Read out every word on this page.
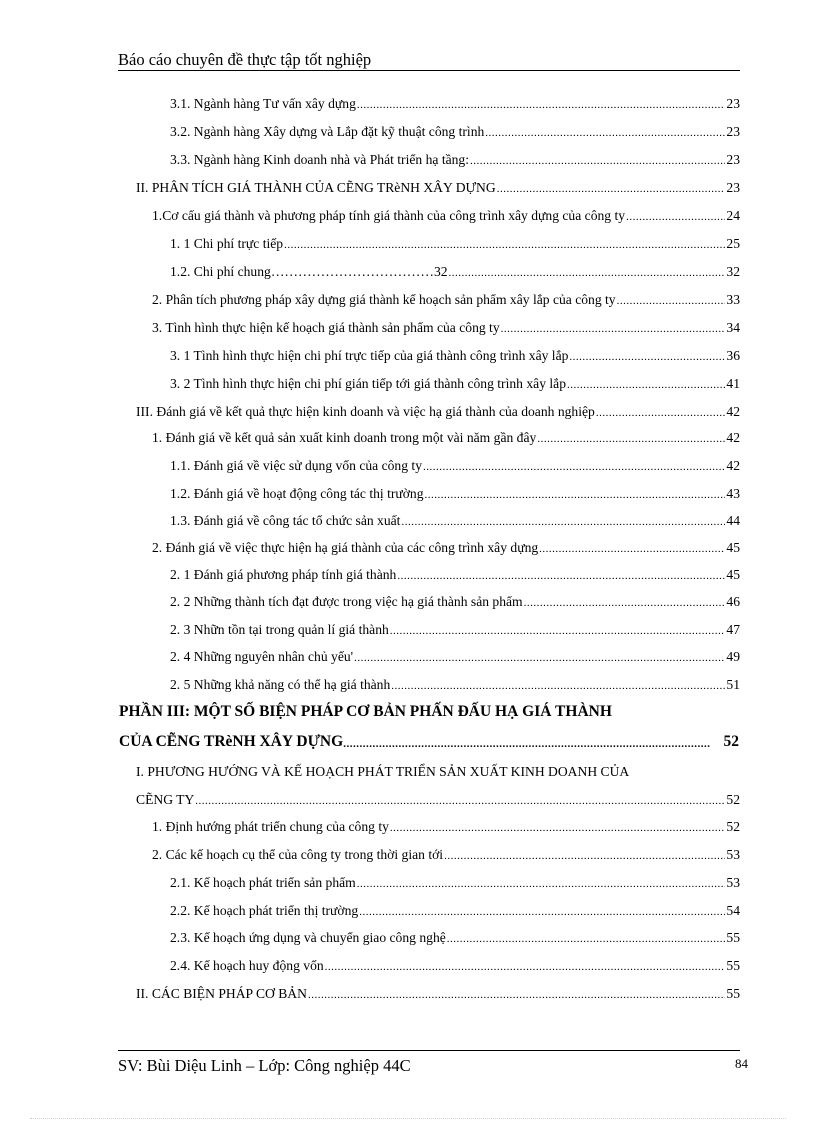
Báo cáo chuyên đề thực tập tốt nghiệp
3.1. Ngành hàng Tư vấn xây dựng .....	23
3.2. Ngành hàng Xây dựng và Lắp đặt kỹ thuật công trình .....	23
3.3. Ngành hàng Kinh doanh nhà và Phát triển hạ tầng: .....	23
II. PHÂN TÍCH GIÁ THÀNH CỦA CẼNG TRèNH XÂY DỰNG .....	23
1.Cơ cấu giá thành và phương pháp tính giá thành của công trình xây dựng của công ty .....	24
1. 1 Chi phí trực tiếp .....	25
1.2. Chi phí chung………………………………32 .....	32
2. Phân tích phương pháp xây dựng giá thành kế hoạch sản phẩm xây lắp của công ty .....	33
3. Tình hình thực hiện kế hoạch giá thành sản phẩm của công ty .....	34
3. 1 Tình hình thực hiện chi phí trực tiếp của giá thành công trình xây lắp .....	36
3. 2 Tình hình thực hiện chi phí gián tiếp tới giá thành công trình xây lắp .....	41
III. Đánh giá về kết quả thực hiện kinh doanh và việc hạ giá thành của doanh nghiệp .....	42
1. Đánh giá về kết quả sản xuất kinh doanh trong một vài năm gần đây .....	42
1.1. Đánh giá về việc sử dụng vốn của công ty .....	42
1.2. Đánh giá về hoạt động công tác thị trường .....	43
1.3. Đánh giá về công tác tổ chức sản xuất .....	44
2. Đánh giá về việc thực hiện hạ giá thành của các công trình xây dựng .....	45
2. 1 Đánh giá phương pháp tính giá thành .....	45
2. 2 Những thành tích đạt được trong việc hạ giá thành sản phẩm .....	46
2. 3 Nhữn tồn tại trong quản lí giá thành .....	47
2. 4 Những nguyên nhân chủ yếu' .....	49
2. 5 Những khả năng có thể hạ giá thành .....	51
PHẦN III: MỘT SỐ BIỆN PHÁP CƠ BẢN PHẤN ĐẤU HẠ GIÁ THÀNH
CỦA CẼNG TRèNH XÂY DỰNG .....	52
I. PHƯƠNG HƯỚNG VÀ KẾ HOẠCH PHÁT TRIỂN SẢN XUẤT KINH DOANH CỦA
CẼNG TY .....	52
1. Định hướng phát triển chung của công ty .....	52
2. Các kế hoạch cụ thể của công ty trong thời gian tới .....	53
2.1. Kế hoạch phát triển sản phẩm .....	53
2.2. Kế hoạch phát triển thị trường .....	54
2.3. Kế hoạch ứng dụng và chuyển giao công nghệ .....	55
2.4. Kế hoạch huy động vốn .....	55
II. CÁC BIỆN PHÁP CƠ BẢN .....	55
SV: Bùi Diệu Linh – Lớp: Công nghiệp 44C	84
